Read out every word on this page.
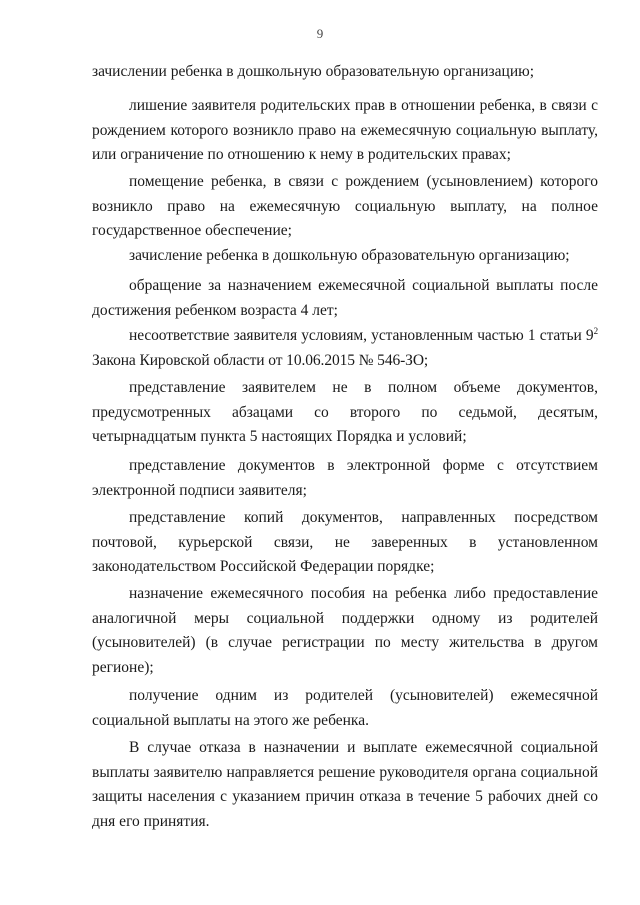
9

зачислении ребенка в дошкольную образовательную организацию;

лишение заявителя родительских прав в отношении ребенка, в связи с рождением которого возникло право на ежемесячную социальную выплату, или ограничение по отношению к нему в родительских правах;

помещение ребенка, в связи с рождением (усыновлением) которого возникло право на ежемесячную социальную выплату, на полное государственное обеспечение;

зачисление ребенка в дошкольную образовательную организацию;

обращение за назначением ежемесячной социальной выплаты после достижения ребенком возраста 4 лет;

несоответствие заявителя условиям, установленным частью 1 статьи $9^2$ Закона Кировской области от 10.06.2015 № 546-ЗО;

представление заявителем не в полном объеме документов, предусмотренных абзацами со второго по седьмой, десятым, четырнадцатым пункта 5 настоящих Порядка и условий;

представление документов в электронной форме с отсутствием электронной подписи заявителя;

представление копий документов, направленных посредством почтовой, курьерской связи, не заверенных в установленном законодательством Российской Федерации порядке;

назначение ежемесячного пособия на ребенка либо предоставление аналогичной меры социальной поддержки одному из родителей (усыновителей) (в случае регистрации по месту жительства в другом регионе);

получение одним из родителей (усыновителей) ежемесячной социальной выплаты на этого же ребенка.

В случае отказа в назначении и выплате ежемесячной социальной выплаты заявителю направляется решение руководителя органа социальной защиты населения с указанием причин отказа в течение 5 рабочих дней со дня его принятия.
